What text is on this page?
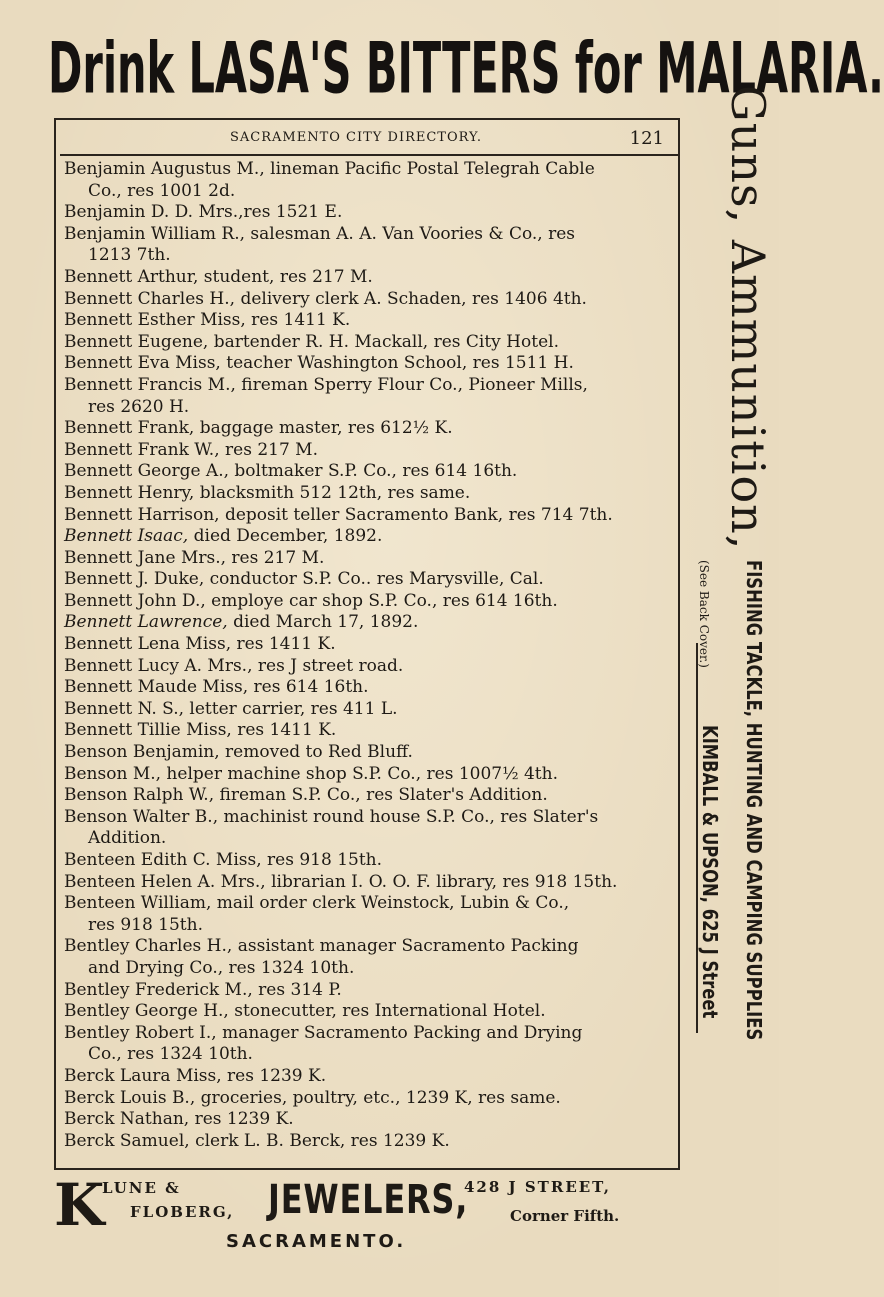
Drink LASA'S BITTERS for MALARIA.
SACRAMENTO CITY DIRECTORY.	121
Benjamin Augustus M., lineman Pacific Postal Telegrah Cable
Co., res 1001 2d.
Benjamin D. D. Mrs.,res 1521 E.
Benjamin William R., salesman A. A. Van Voories & Co., res
1213 7th.
Bennett Arthur, student, res 217 M.
Bennett Charles H., delivery clerk A. Schaden, res 1406 4th.
Bennett Esther Miss, res 1411 K.
Bennett Eugene, bartender R. H. Mackall, res City Hotel.
Bennett Eva Miss, teacher Washington School, res 1511 H.
Bennett Francis M., fireman Sperry Flour Co., Pioneer Mills,
res 2620 H.
Bennett Frank, baggage master, res 612½ K.
Bennett Frank W., res 217 M.
Bennett George A., boltmaker S.P. Co., res 614 16th.
Bennett Henry, blacksmith 512 12th, res same.
Bennett Harrison, deposit teller Sacramento Bank, res 714 7th.
Bennett Isaac, died December, 1892.
Bennett Jane Mrs., res 217 M.
Bennett J. Duke, conductor S.P. Co.. res Marysville, Cal.
Bennett John D., employe car shop S.P. Co., res 614 16th.
Bennett Lawrence, died March 17, 1892.
Bennett Lena Miss, res 1411 K.
Bennett Lucy A. Mrs., res J street road.
Bennett Maude Miss, res 614 16th.
Bennett N. S., letter carrier, res 411 L.
Bennett Tillie Miss, res 1411 K.
Benson Benjamin, removed to Red Bluff.
Benson M., helper machine shop S.P. Co., res 1007½ 4th.
Benson Ralph W., fireman S.P. Co., res Slater's Addition.
Benson Walter B., machinist round house S.P. Co., res Slater's
Addition.
Benteen Edith C. Miss, res 918 15th.
Benteen Helen A. Mrs., librarian I. O. O. F. library, res 918 15th.
Benteen William, mail order clerk Weinstock, Lubin & Co.,
res 918 15th.
Bentley Charles H., assistant manager Sacramento Packing
and Drying Co., res 1324 10th.
Bentley Frederick M., res 314 P.
Bentley George H., stonecutter, res International Hotel.
Bentley Robert I., manager Sacramento Packing and Drying
Co., res 1324 10th.
Berck Laura Miss, res 1239 K.
Berck Louis B., groceries, poultry, etc., 1239 K, res same.
Berck Nathan, res 1239 K.
Berck Samuel, clerk L. B. Berck, res 1239 K.
Guns, Ammunition,
(See Back Cover.) FISHING TACKLE, HUNTING AND CAMPING SUPPLIES
KIMBALL & UPSON, 625 J Street
K
LUNE &
FLOBERG, JEWELERS,
428 J STREET,
Corner Fifth.
SACRAMENTO.
